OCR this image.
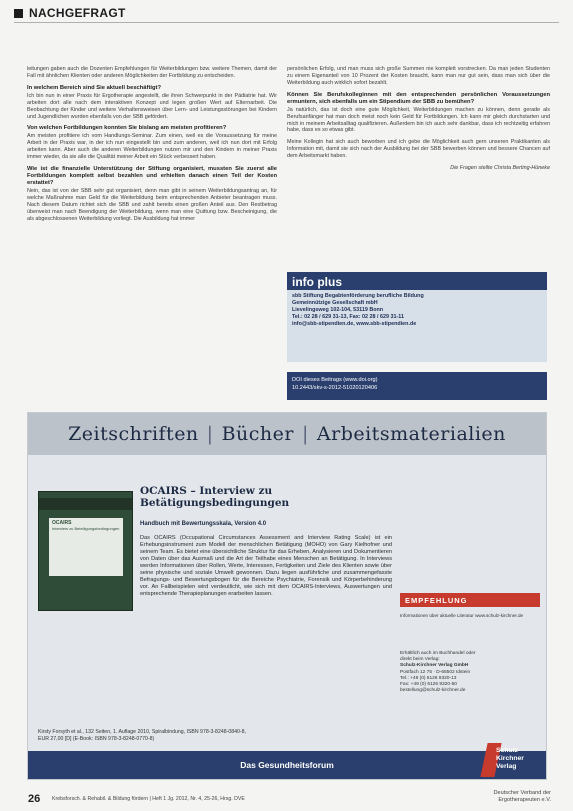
NACHGEFRAGT

leitungen gaben auch die Dozenten Empfehlungen für Weiterbildungen bzw. weitere Themen, damit der Fall mit ähnlichen Klienten oder anderen Möglichkeiten der Fortbildung zu entscheiden.

In welchem Bereich sind Sie aktuell beschäftigt?

Ich bin nun in einer Praxis für Ergotherapie angestellt, die ihren Schwerpunkt in der Pädiatrie hat. Wir arbeiten dort alle nach dem interaktiven Konzept und legen großen Wert auf Elternarbeit. Die Beobachtung der Kinder und weitere Verhaltensweisen über Lern- und Leistungsstörungen bei Kindern und Jugendlichen wurden ebenfalls von der SBB gefördert.

Von welchen Fortbildungen konnten Sie bislang am meisten profitieren?

Am meisten profitiere ich vom Handlungs-Seminar. Zum einen, weil es die Voraussetzung für meine Arbeit in der Praxis war, in der ich nun eingestellt bin und zum anderen, weil ich nun dort mit Erfolg arbeiten kann. Aber auch die anderen Weiterbildungen nutzen mir und den Kindern in meiner Praxis immer wieder, da sie alle die Qualität meiner Arbeit ein Stück verbessert haben.

Wie ist die finanzielle Unterstützung der Stiftung organisiert, mussten Sie zuerst alle Fortbildungen komplett selbst bezahlen und erhielten danach einen Teil der Kosten erstattet?

Nein, das ist von der SBB sehr gut organisiert, denn man gibt in seinem Weiterbildungsantrag an, für welche Maßnahme man Geld für die Weiterbildung beim entsprechenden Anbieter beantragen muss. Nach diesem Datum richtet sich die SBB und zahlt bereits einen großen Anteil aus. Den Restbetrag überweist man nach Beendigung der Weiterbildung, wenn man eine Quittung bzw. Bescheinigung, die als abgeschlossenen Weiterbildung vorliegt. Die Ausbildung hat immer

persönlichen Erfolg, und man muss sich große Summen nie komplett vorstrecken. Da man jeden Studenten zu einem Eigenanteil von 10 Prozent der Kosten braucht, kann man nur gut sein, dass man sich über die Weiterbildung auch wirklich sofort bezahlt.

Können Sie Berufskolleginnen mit den entsprechenden persönlichen Voraussetzungen ermuntern, sich ebenfalls um ein Stipendium der SBB zu bemühen?

Ja natürlich, das ist doch eine gute Möglichkeit, Weiterbildungen machen zu können, denn gerade als Berufsanfänger hat man doch meist noch kein Geld für Fortbildungen. Ich kann mir gleich durchstarten und mich in meinem Arbeitsalltag qualifizieren. Außerdem bin ich auch sehr dankbar, dass ich rechtzeitig erfahren habe, dass es so etwas gibt.

Meine Kollegin hat sich auch beworben und ich gebe die Möglichkeit auch gern unseren Praktikanten als Information mit, damit sie sich nach der Ausbildung bei der SBB bewerben können und bessere Chancen auf dem Arbeitsmarkt haben.

Die Fragen stellte Christa Berting-Hüneke
info plus
sbb Stiftung Begabtenförderung berufliche Bildung
Gemeinnützige Gesellschaft mbH
Lievelingsweg 102-104, 53119 Bonn
Tel.: 02 28 / 629 31-13, Fax: 02 28 / 629 31-11
info@sbb-stipendien.de, www.sbb-stipendien.de
DOI dieses Beitrags (www.doi.org)
10.2443/skv-s-2012-51020120406
Zeitschriften | Bücher | Arbeitsmaterialien
OCAIRS
Interview zu Beteiligungsbedingungen
OCAIRS – Interview zu Betätigungsbedingungen
Handbuch mit Bewertungsskala, Version 4.0
Das OCAIRS (Occupational Circumstances Assessment and Interview Rating Scale) ist ein Erhebungsinstrument zum Modell der menschlichen Betätigung (MOHO) von Gary Kielhofner und seinem Team. Es bietet eine übersichtliche Struktur für das Erheben, Analysieren und Dokumentieren von Daten über das Ausmaß und die Art der Teilhabe eines Menschen an Betätigung. In Interviews werden Informationen über Rollen, Werte, Interessen, Fertigkeiten und Ziele des Klienten sowie über seine physische und soziale Umwelt gewonnen. Dazu liegen ausführliche und zusammengefasste Befragungs- und Bewertungsbogen für die Bereiche Psychiatrie, Forensik und Körperbehinderung vor. An Fallbeispielen wird verdeutlicht, wie sich mit dem OCAIRS-Interviews, Auswertungen und entsprechende Therapieplanungen erarbeiten lassen.
EMPFEHLUNG
Informationen über aktuelle Literatur www.schulz-kirchner.de
Erhältlich auch im Buchhandel oder
direkt beim Verlag:
Schulz-Kirchner Verlag GmbH
Postfach 12 75 · D-65502 Idstein
Tel.: +49 (0) 6126 9320-13
Fax: +49 (0) 6126 9320-50
bestellung@schulz-kirchner.de
Kirsty Forsyth et al., 132 Seiten, 1. Auflage 2010, Spiralbindung, ISBN 978-3-8248-0840-8,
EUR 27,00 [D] (E-Book: ISBN 978-3-8248-0770-8)
Das Gesundheitsforum
Schulz-
Kirchner
Verlag
26 Krebsforsch. & Rehabil. & Bildung fördern | Heft 1 Jg. 2012, Nr. 4, 25-26, Hrsg. DVE
Deutscher Verband der
Ergotherapeuten e.V.
